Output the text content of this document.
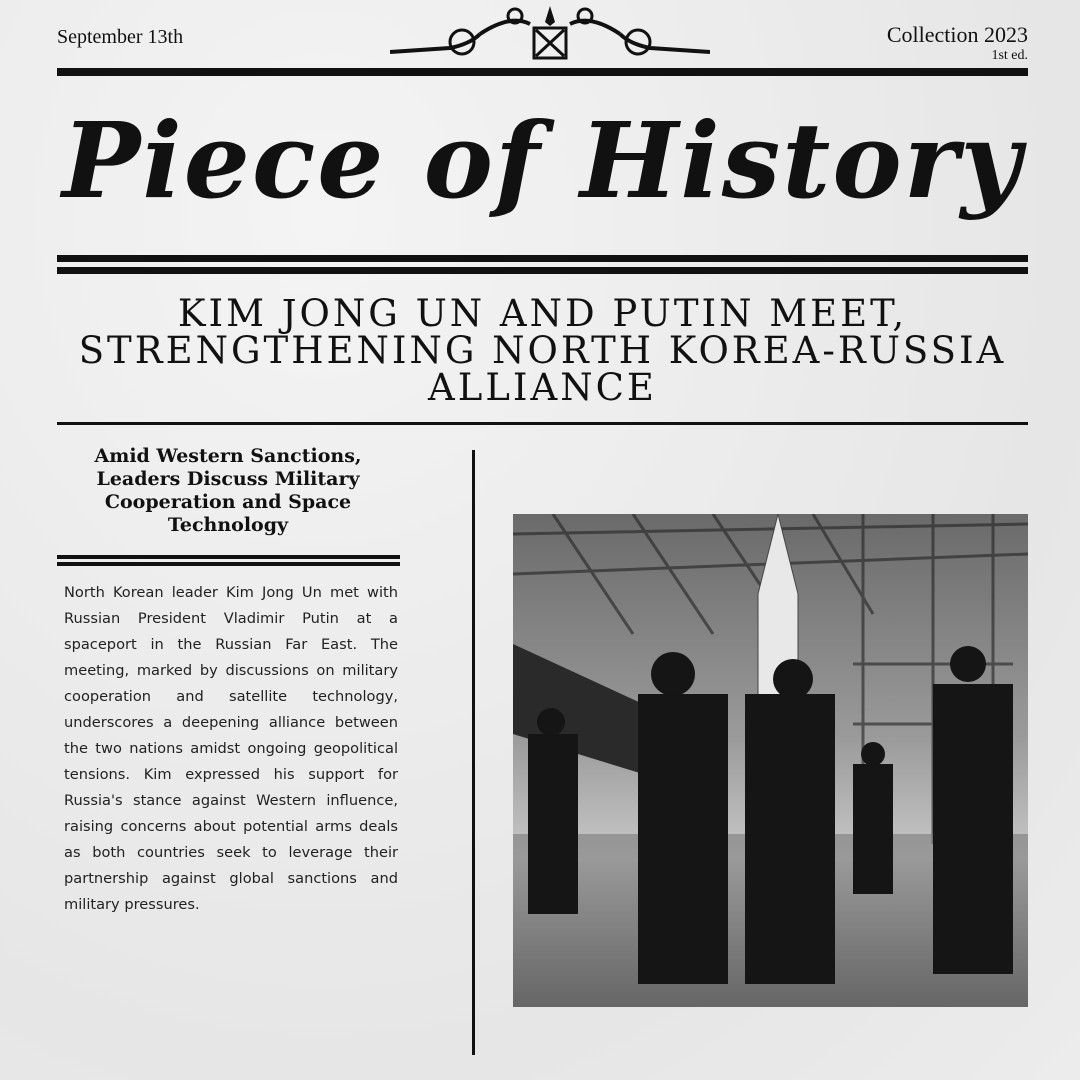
September 13th	Collection 2023
1st ed.
Piece of History
KIM JONG UN AND PUTIN MEET, STRENGTHENING NORTH KOREA-RUSSIA ALLIANCE
Amid Western Sanctions, Leaders Discuss Military Cooperation and Space Technology
North Korean leader Kim Jong Un met with Russian President Vladimir Putin at a spaceport in the Russian Far East. The meeting, marked by discussions on military cooperation and satellite technology, underscores a deepening alliance between the two nations amidst ongoing geopolitical tensions. Kim expressed his support for Russia's stance against Western influence, raising concerns about potential arms deals as both countries seek to leverage their partnership against global sanctions and military pressures.
